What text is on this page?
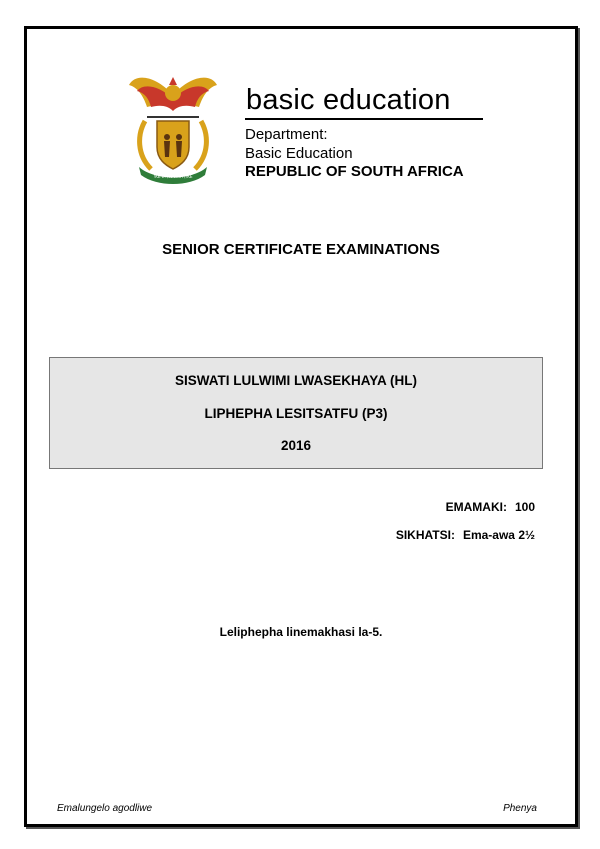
!KE E: /XARRA //KE
basic education
Department:
Basic Education
REPUBLIC OF SOUTH AFRICA
SENIOR CERTIFICATE EXAMINATIONS
SISWATI LULWIMI LWASEKHAYA (HL)
LIPHEPHA LESITSATFU (P3)
2016
EMAMAKI: 100
SIKHATSI: Ema-awa 2½
Leliphepha linemakhasi la-5.
Emalungelo agodliwe	Phenya
